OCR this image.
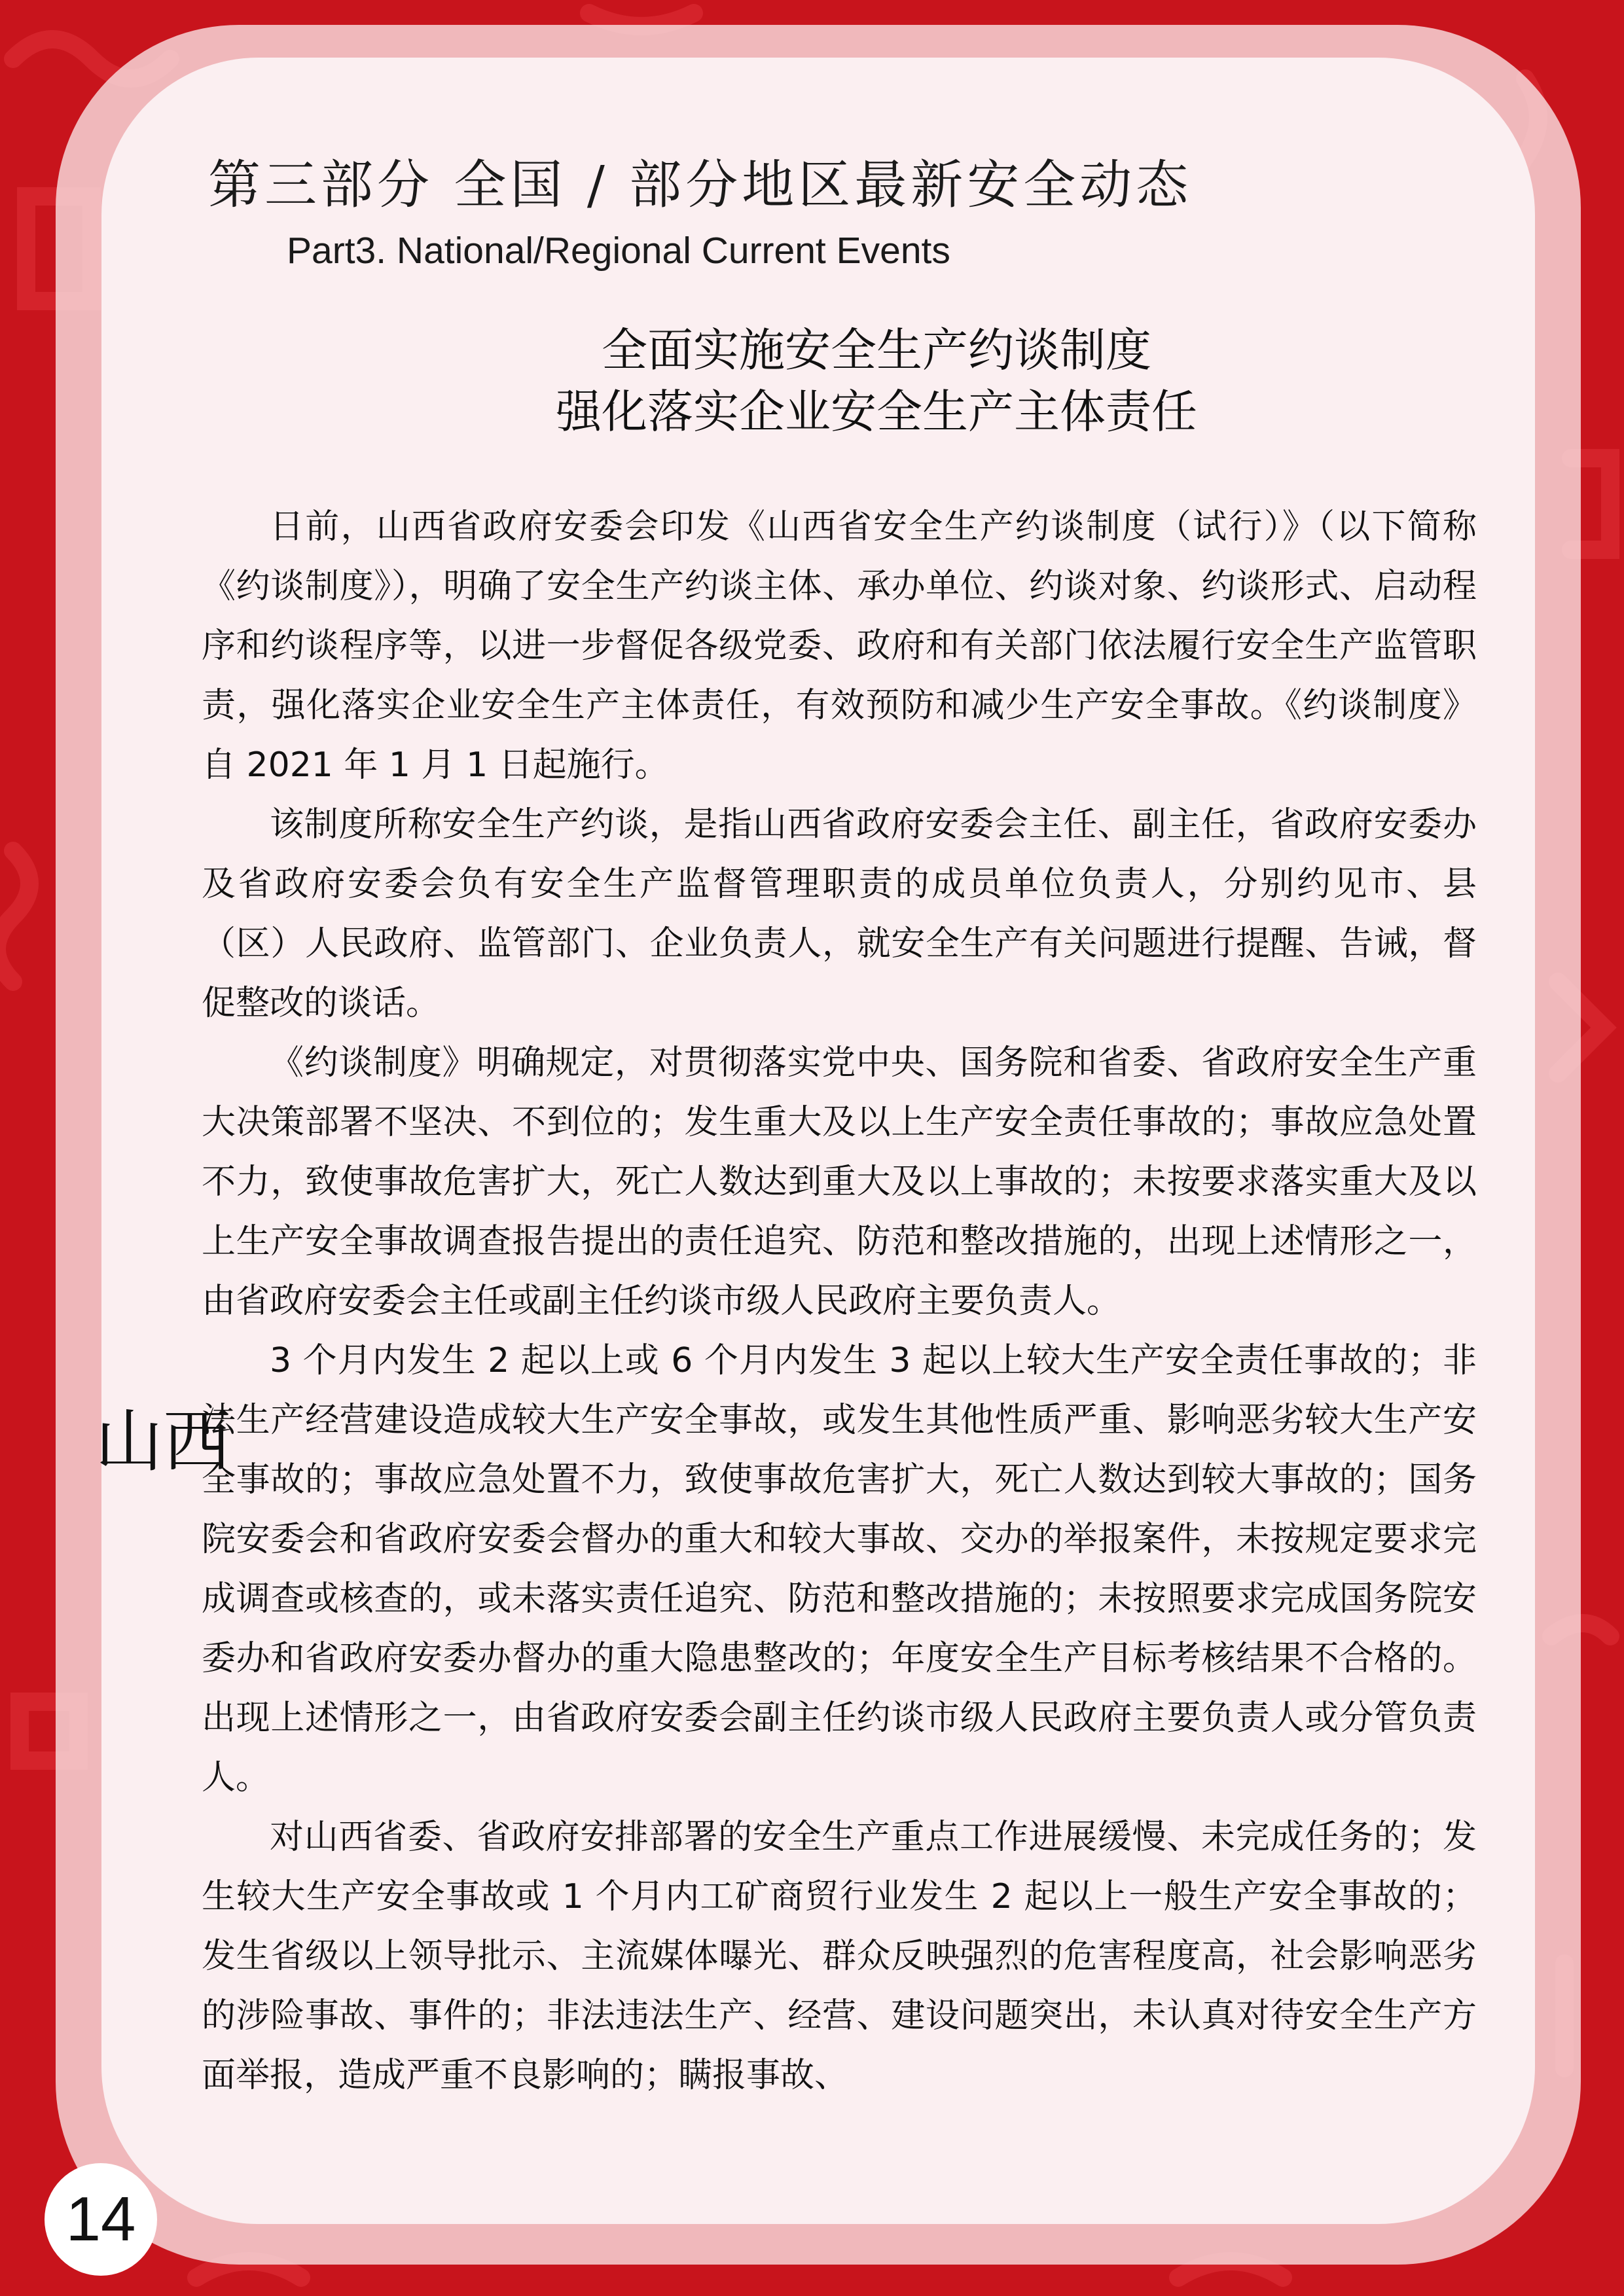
第三部分 全国 / 部分地区最新安全动态
Part3. National/Regional Current Events
全面实施安全生产约谈制度
强化落实企业安全生产主体责任
山西

日前，山西省政府安委会印发《山西省安全生产约谈制度（试行）》（以下简称《约谈制度》），明确了安全生产约谈主体、承办单位、约谈对象、约谈形式、启动程序和约谈程序等，以进一步督促各级党委、政府和有关部门依法履行安全生产监管职责，强化落实企业安全生产主体责任，有效预防和减少生产安全事故。《约谈制度》自 2021 年 1 月 1 日起施行。

该制度所称安全生产约谈，是指山西省政府安委会主任、副主任，省政府安委办及省政府安委会负有安全生产监督管理职责的成员单位负责人，分别约见市、县（区）人民政府、监管部门、企业负责人，就安全生产有关问题进行提醒、告诫，督促整改的谈话。

《约谈制度》明确规定，对贯彻落实党中央、国务院和省委、省政府安全生产重大决策部署不坚决、不到位的；发生重大及以上生产安全责任事故的；事故应急处置不力，致使事故危害扩大，死亡人数达到重大及以上事故的；未按要求落实重大及以上生产安全事故调查报告提出的责任追究、防范和整改措施的，出现上述情形之一，由省政府安委会主任或副主任约谈市级人民政府主要负责人。

3 个月内发生 2 起以上或 6 个月内发生 3 起以上较大生产安全责任事故的；非法生产经营建设造成较大生产安全事故，或发生其他性质严重、影响恶劣较大生产安全事故的；事故应急处置不力，致使事故危害扩大，死亡人数达到较大事故的；国务院安委会和省政府安委会督办的重大和较大事故、交办的举报案件，未按规定要求完成调查或核查的，或未落实责任追究、防范和整改措施的；未按照要求完成国务院安委办和省政府安委办督办的重大隐患整改的；年度安全生产目标考核结果不合格的。出现上述情形之一，由省政府安委会副主任约谈市级人民政府主要负责人或分管负责人。

对山西省委、省政府安排部署的安全生产重点工作进展缓慢、未完成任务的；发生较大生产安全事故或 1 个月内工矿商贸行业发生 2 起以上一般生产安全事故的；发生省级以上领导批示、主流媒体曝光、群众反映强烈的危害程度高，社会影响恶劣的涉险事故、事件的；非法违法生产、经营、建设问题突出，未认真对待安全生产方面举报，造成严重不良影响的；瞒报事故、

14
